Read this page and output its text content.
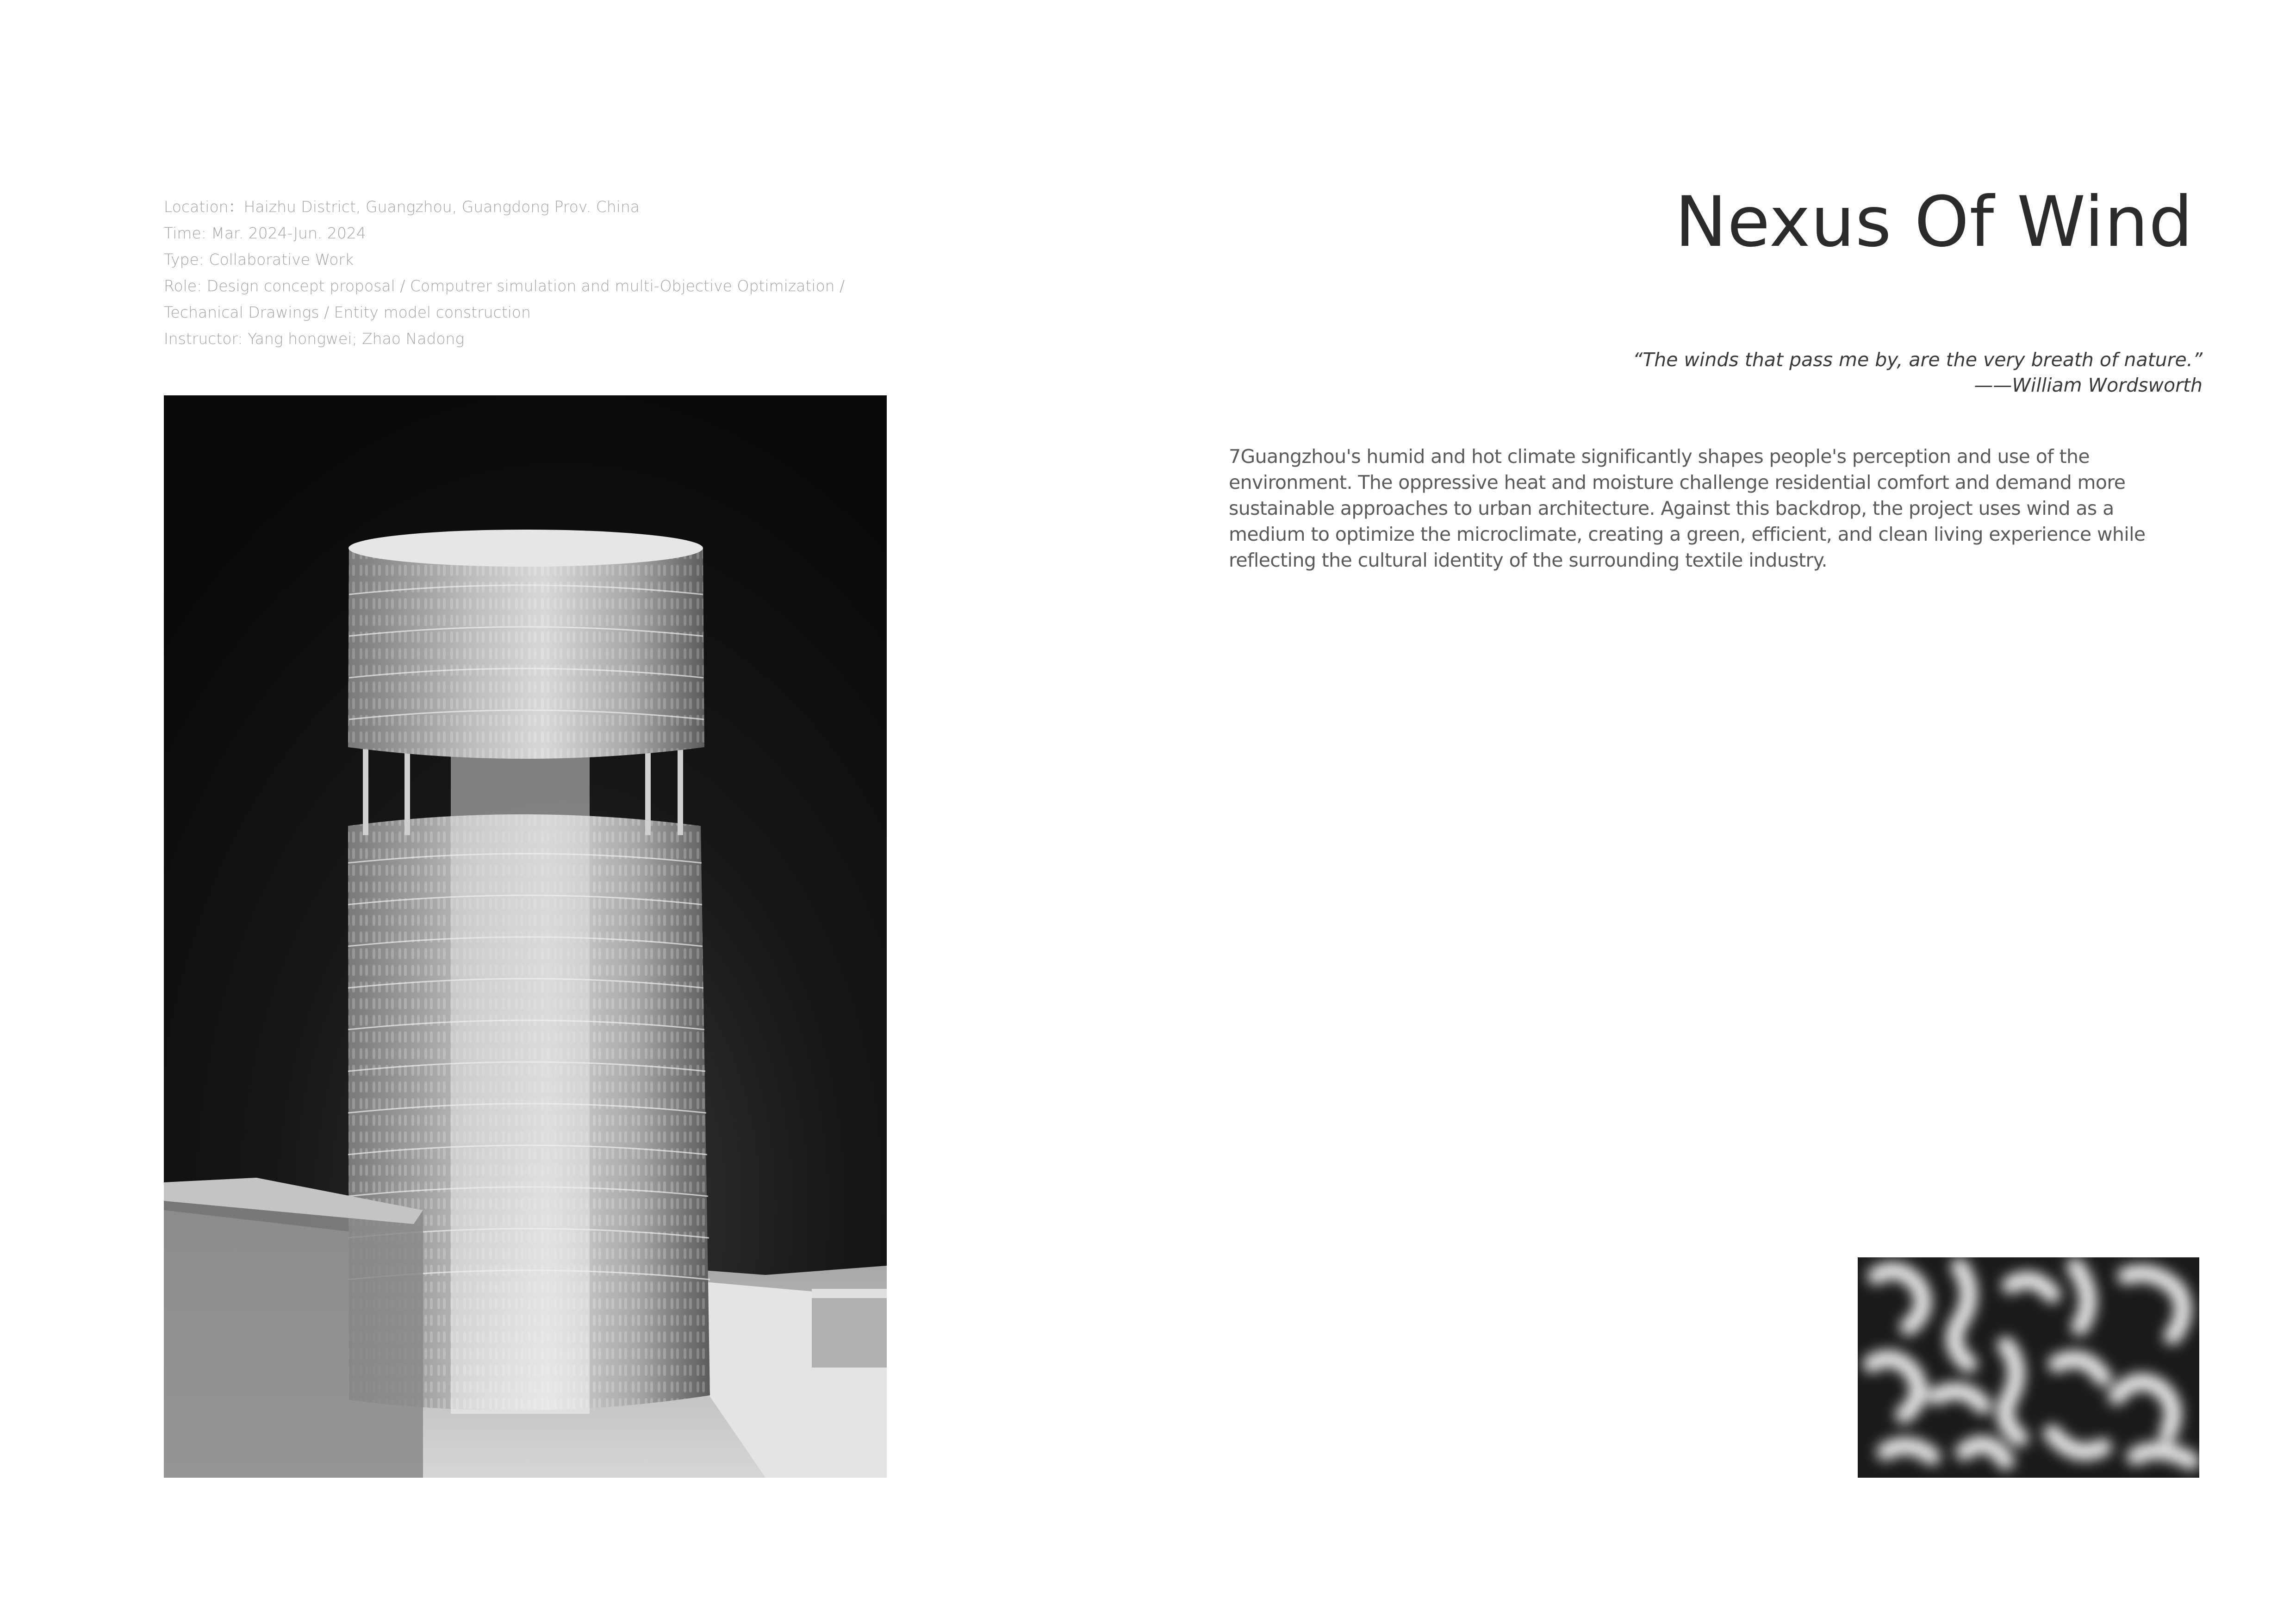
Location：Haizhu District, Guangzhou, Guangdong Prov. China
Time: Mar. 2024-Jun. 2024
Type: Collaborative Work
Role: Design concept proposal / Computrer simulation and multi-Objective Optimization /
Techanical Drawings / Entity model construction
Instructor: Yang hongwei; Zhao Nadong
Nexus Of Wind
“The winds that pass me by, are the very breath of nature.”
——William Wordsworth

7Guangzhou's humid and hot climate significantly shapes people's perception and use of the environment. The oppressive heat and moisture challenge residential comfort and demand more sustainable approaches to urban architecture. Against this backdrop, the project uses wind as a medium to optimize the microclimate, creating a green, efficient, and clean living experience while reflecting the cultural identity of the surrounding textile industry.
